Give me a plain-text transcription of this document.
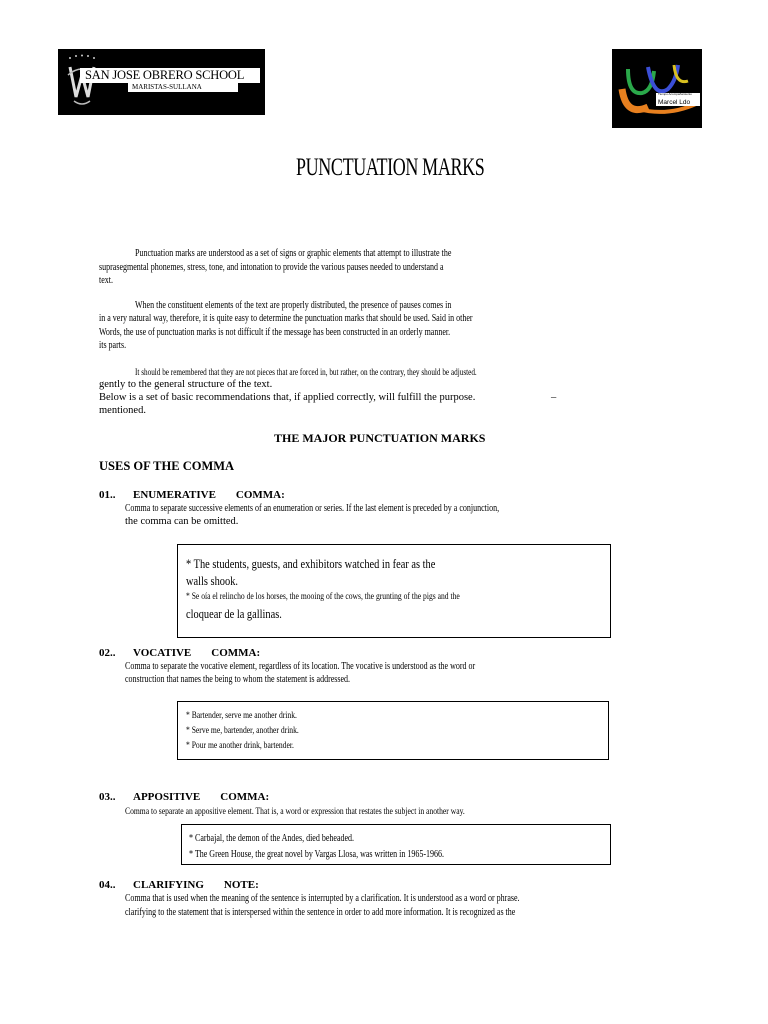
SAN JOSE OBRERO SCHOOL
MARISTAS-SULLANA
Tiempo Acompañamiento
Marcel Ldo
PUNCTUATION MARKS
Punctuation marks are understood as a set of signs or graphic elements that attempt to illustrate the
suprasegmental phonemes, stress, tone, and intonation to provide the various pauses needed to understand a
text.
When the constituent elements of the text are properly distributed, the presence of pauses comes in
in a very natural way, therefore, it is quite easy to determine the punctuation marks that should be used. Said in other
Words, the use of punctuation marks is not difficult if the message has been constructed in an orderly manner.
its parts.
It should be remembered that they are not pieces that are forced in, but rather, on the contrary, they should be adjusted.
gently to the general structure of the text.
Below is a set of basic recommendations that, if applied correctly, will fulfill the purpose.	–
mentioned.
THE MAJOR PUNCTUATION MARKS
USES OF THE COMMA
01.. ENUMERATIVE COMMA:
Comma to separate successive elements of an enumeration or series. If the last element is preceded by a conjunction,
the comma can be omitted.
* The students, guests, and exhibitors watched in fear as the
walls shook.
* Se oía el relincho de los horses, the mooing of the cows, the grunting of the pigs and the
cloquear de la gallinas.
02.. VOCATIVE COMMA:
Comma to separate the vocative element, regardless of its location. The vocative is understood as the word or
construction that names the being to whom the statement is addressed.
* Bartender, serve me another drink.
* Serve me, bartender, another drink.
* Pour me another drink, bartender.
03.. APPOSITIVE COMMA:
Comma to separate an appositive element. That is, a word or expression that restates the subject in another way.
* Carbajal, the demon of the Andes, died beheaded.
* The Green House, the great novel by Vargas Llosa, was written in 1965-1966.
04.. CLARIFYING NOTE:
Comma that is used when the meaning of the sentence is interrupted by a clarification. It is understood as a word or phrase.
clarifying to the statement that is interspersed within the sentence in order to add more information. It is recognized as the
